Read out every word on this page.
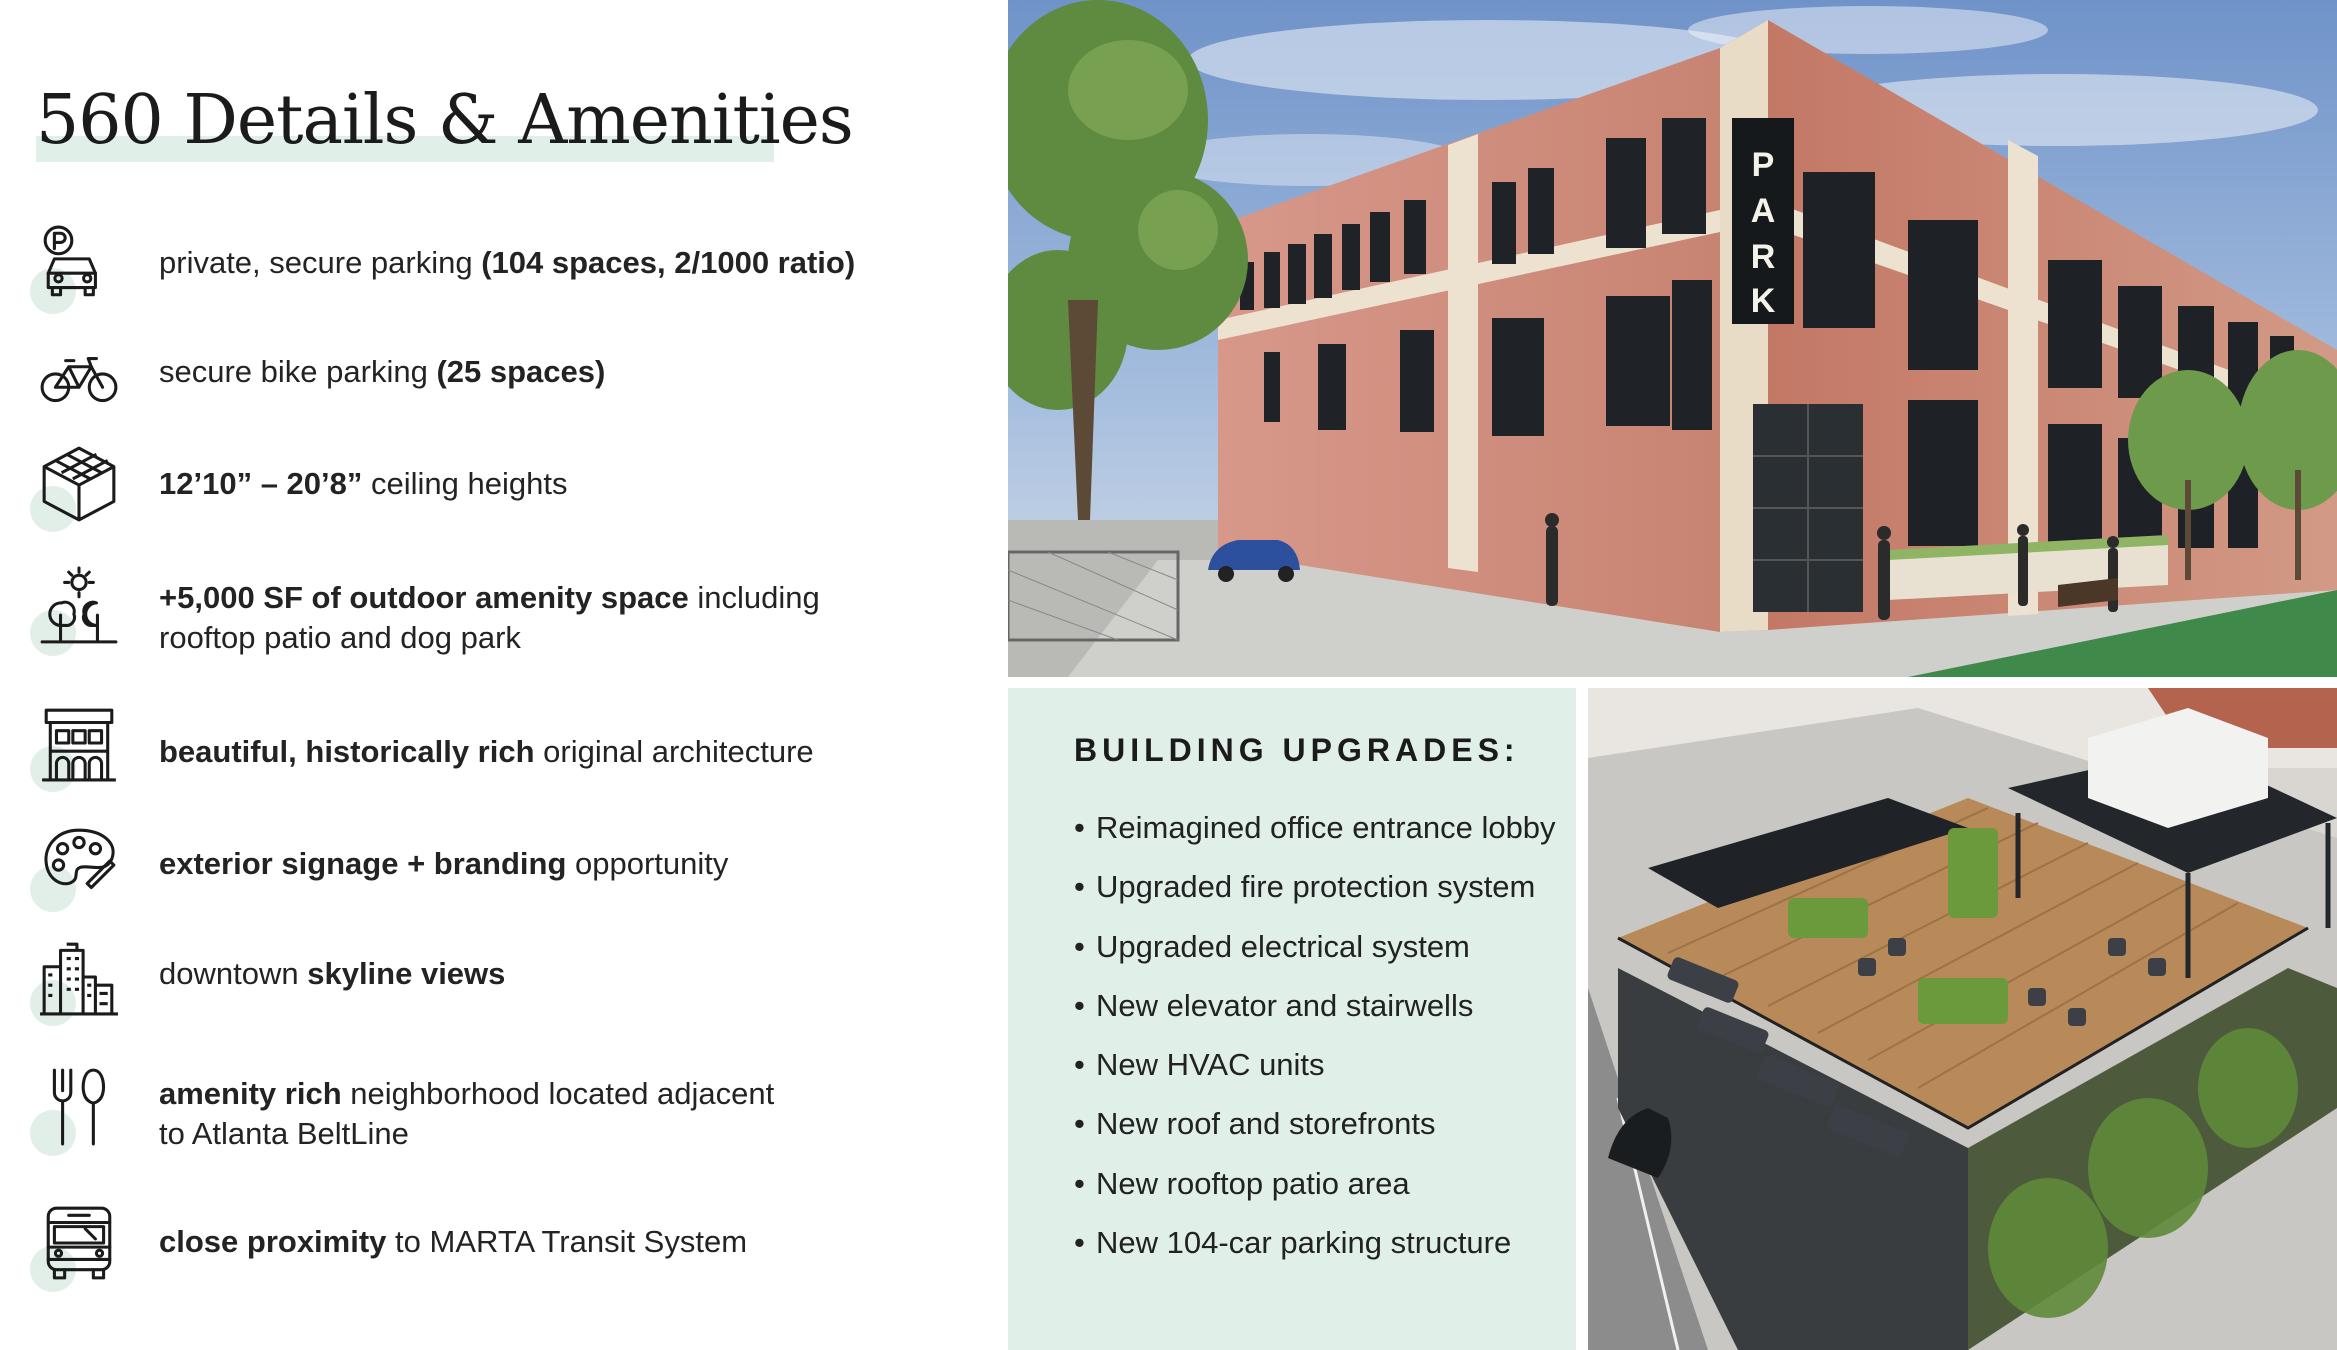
560 Details & Amenities
private, secure parking (104 spaces, 2/1000 ratio)
secure bike parking (25 spaces)
12’10” – 20’8” ceiling heights
+5,000 SF of outdoor amenity space including
rooftop patio and dog park
beautiful, historically rich original architecture
exterior signage + branding opportunity
downtown skyline views
amenity rich neighborhood located adjacent
to Atlanta BeltLine
close proximity to MARTA Transit System
P
A
R
K
BUILDING UPGRADES:
• Reimagined office entrance lobby
• Upgraded fire protection system
• Upgraded electrical system
• New elevator and stairwells
• New HVAC units
• New roof and storefronts
• New rooftop patio area
• New 104-car parking structure
